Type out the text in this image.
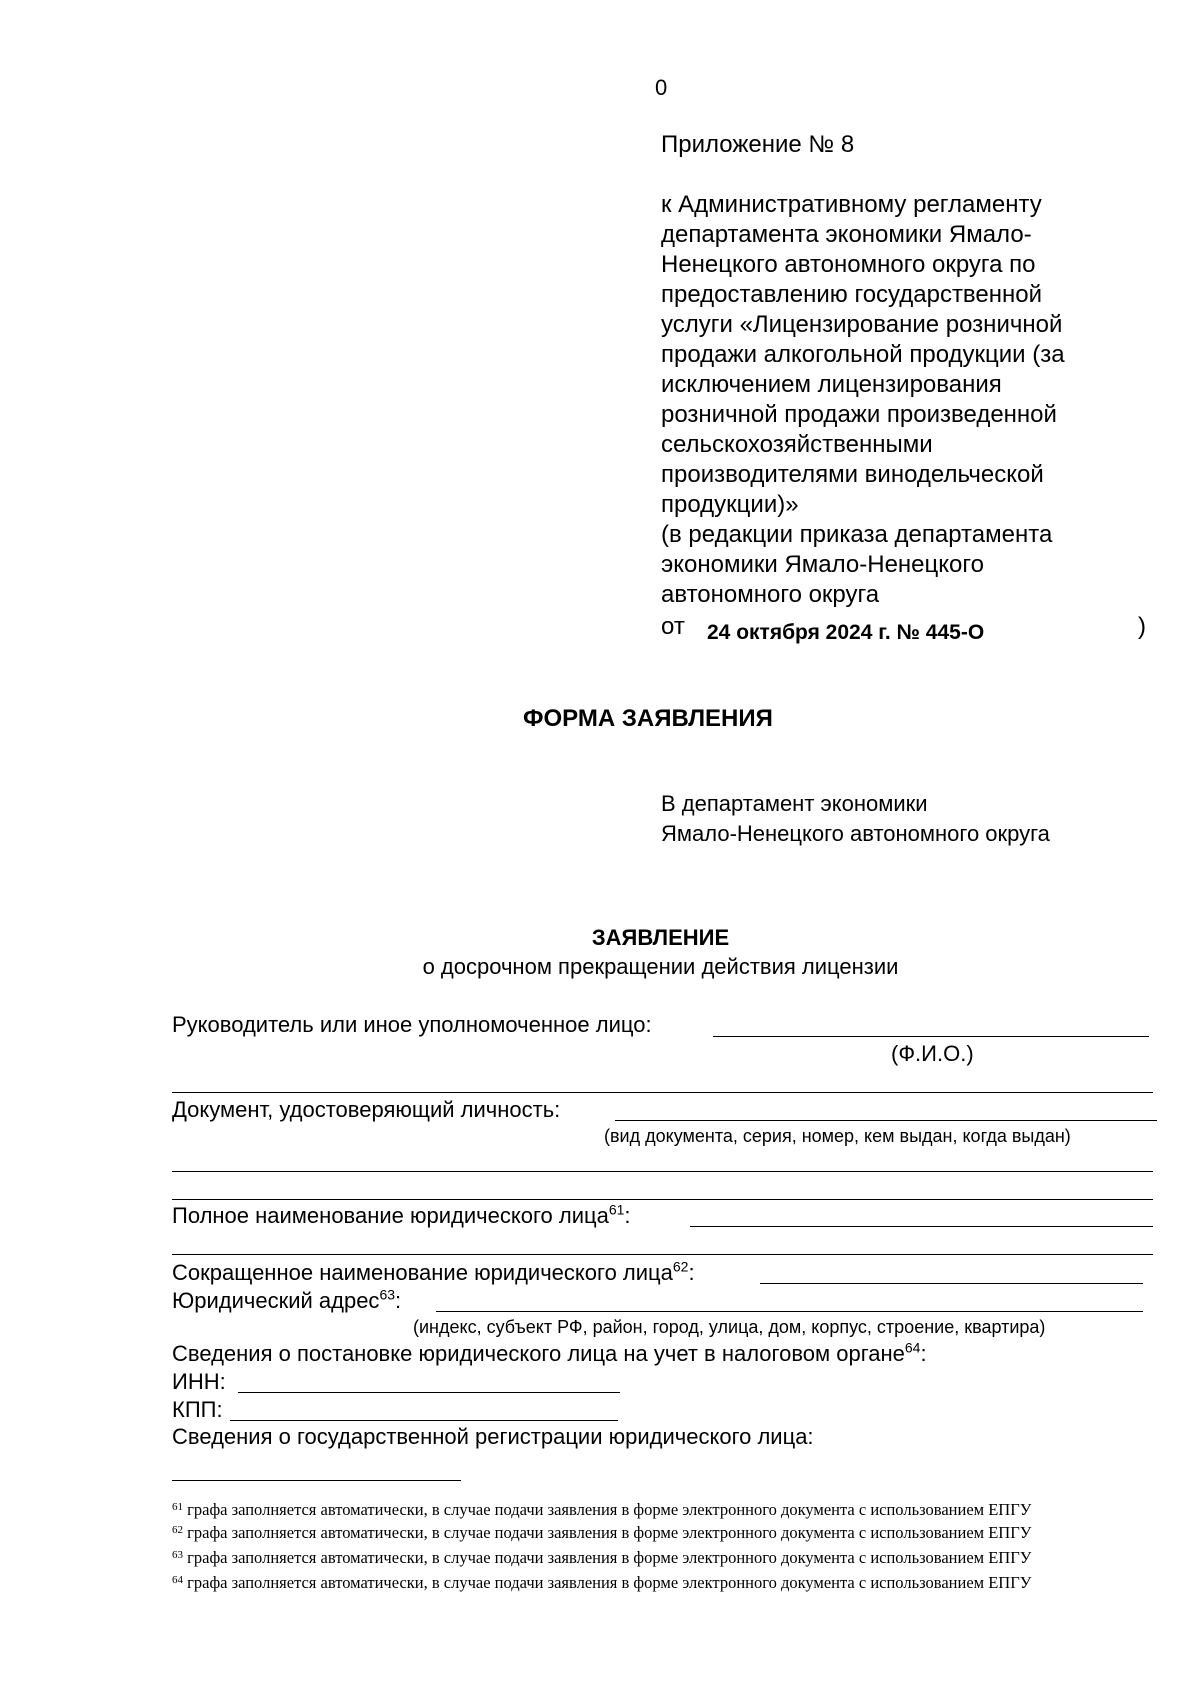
0
Приложение № 8
к Административному регламенту
департамента экономики Ямало-
Ненецкого автономного округа по
предоставлению государственной
услуги «Лицензирование розничной
продажи алкогольной продукции (за
исключением лицензирования
розничной продажи произведенной
сельскохозяйственными
производителями винодельческой
продукции)»
(в редакции приказа департамента
экономики Ямало-Ненецкого
автономного округа
от 24 октября 2024 г. № 445-О	)
ФОРМА ЗАЯВЛЕНИЯ
В департамент экономики
Ямало-Ненецкого автономного округа
ЗАЯВЛЕНИЕ
о досрочном прекращении действия лицензии
Руководитель или иное уполномоченное лицо:
(Ф.И.О.)
Документ, удостоверяющий личность:
(вид документа, серия, номер, кем выдан, когда выдан)
Полное наименование юридического лица$^{61}$:
Сокращенное наименование юридического лица$^{62}$:
Юридический адрес$^{63}$:
(индекс, субъект РФ, район, город, улица, дом, корпус, строение, квартира)
Сведения о постановке юридического лица на учет в налоговом органе$^{64}$:
ИНН:
КПП:
Сведения о государственной регистрации юридического лица:
$^{61}$ графа заполняется автоматически, в случае подачи заявления в форме электронного документа с использованием ЕПГУ
$^{62}$ графа заполняется автоматически, в случае подачи заявления в форме электронного документа с использованием ЕПГУ
$^{63}$ графа заполняется автоматически, в случае подачи заявления в форме электронного документа с использованием ЕПГУ
$^{64}$ графа заполняется автоматически, в случае подачи заявления в форме электронного документа с использованием ЕПГУ
